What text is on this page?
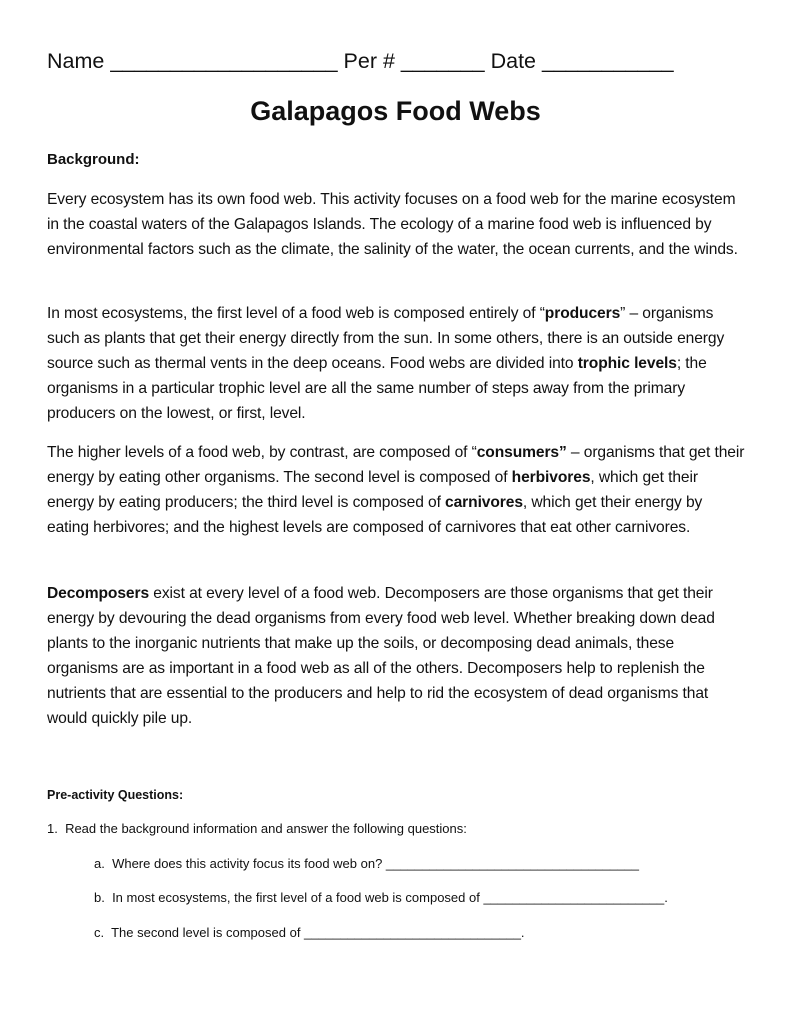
Name ___________________ Per # _______ Date ___________
Galapagos Food Webs
Background:

Every ecosystem has its own food web. This activity focuses on a food web for the marine ecosystem in the coastal waters of the Galapagos Islands. The ecology of a marine food web is influenced by environmental factors such as the climate, the salinity of the water, the ocean currents, and the winds.

In most ecosystems, the first level of a food web is composed entirely of “producers” – organisms such as plants that get their energy directly from the sun. In some others, there is an outside energy source such as thermal vents in the deep oceans. Food webs are divided into trophic levels; the organisms in a particular trophic level are all the same number of steps away from the primary producers on the lowest, or first, level.

The higher levels of a food web, by contrast, are composed of “consumers” – organisms that get their energy by eating other organisms. The second level is composed of herbivores, which get their energy by eating producers; the third level is composed of carnivores, which get their energy by eating herbivores; and the highest levels are composed of carnivores that eat other carnivores.

Decomposers exist at every level of a food web. Decomposers are those organisms that get their energy by devouring the dead organisms from every food web level. Whether breaking down dead plants to the inorganic nutrients that make up the soils, or decomposing dead animals, these organisms are as important in a food web as all of the others. Decomposers help to replenish the nutrients that are essential to the producers and help to rid the ecosystem of dead organisms that would quickly pile up.

Pre-activity Questions:
1.  Read the background information and answer the following questions:
a.  Where does this activity focus its food web on? ___________________________________
b.  In most ecosystems, the first level of a food web is composed of _________________________.
c.  The second level is composed of ______________________________.
